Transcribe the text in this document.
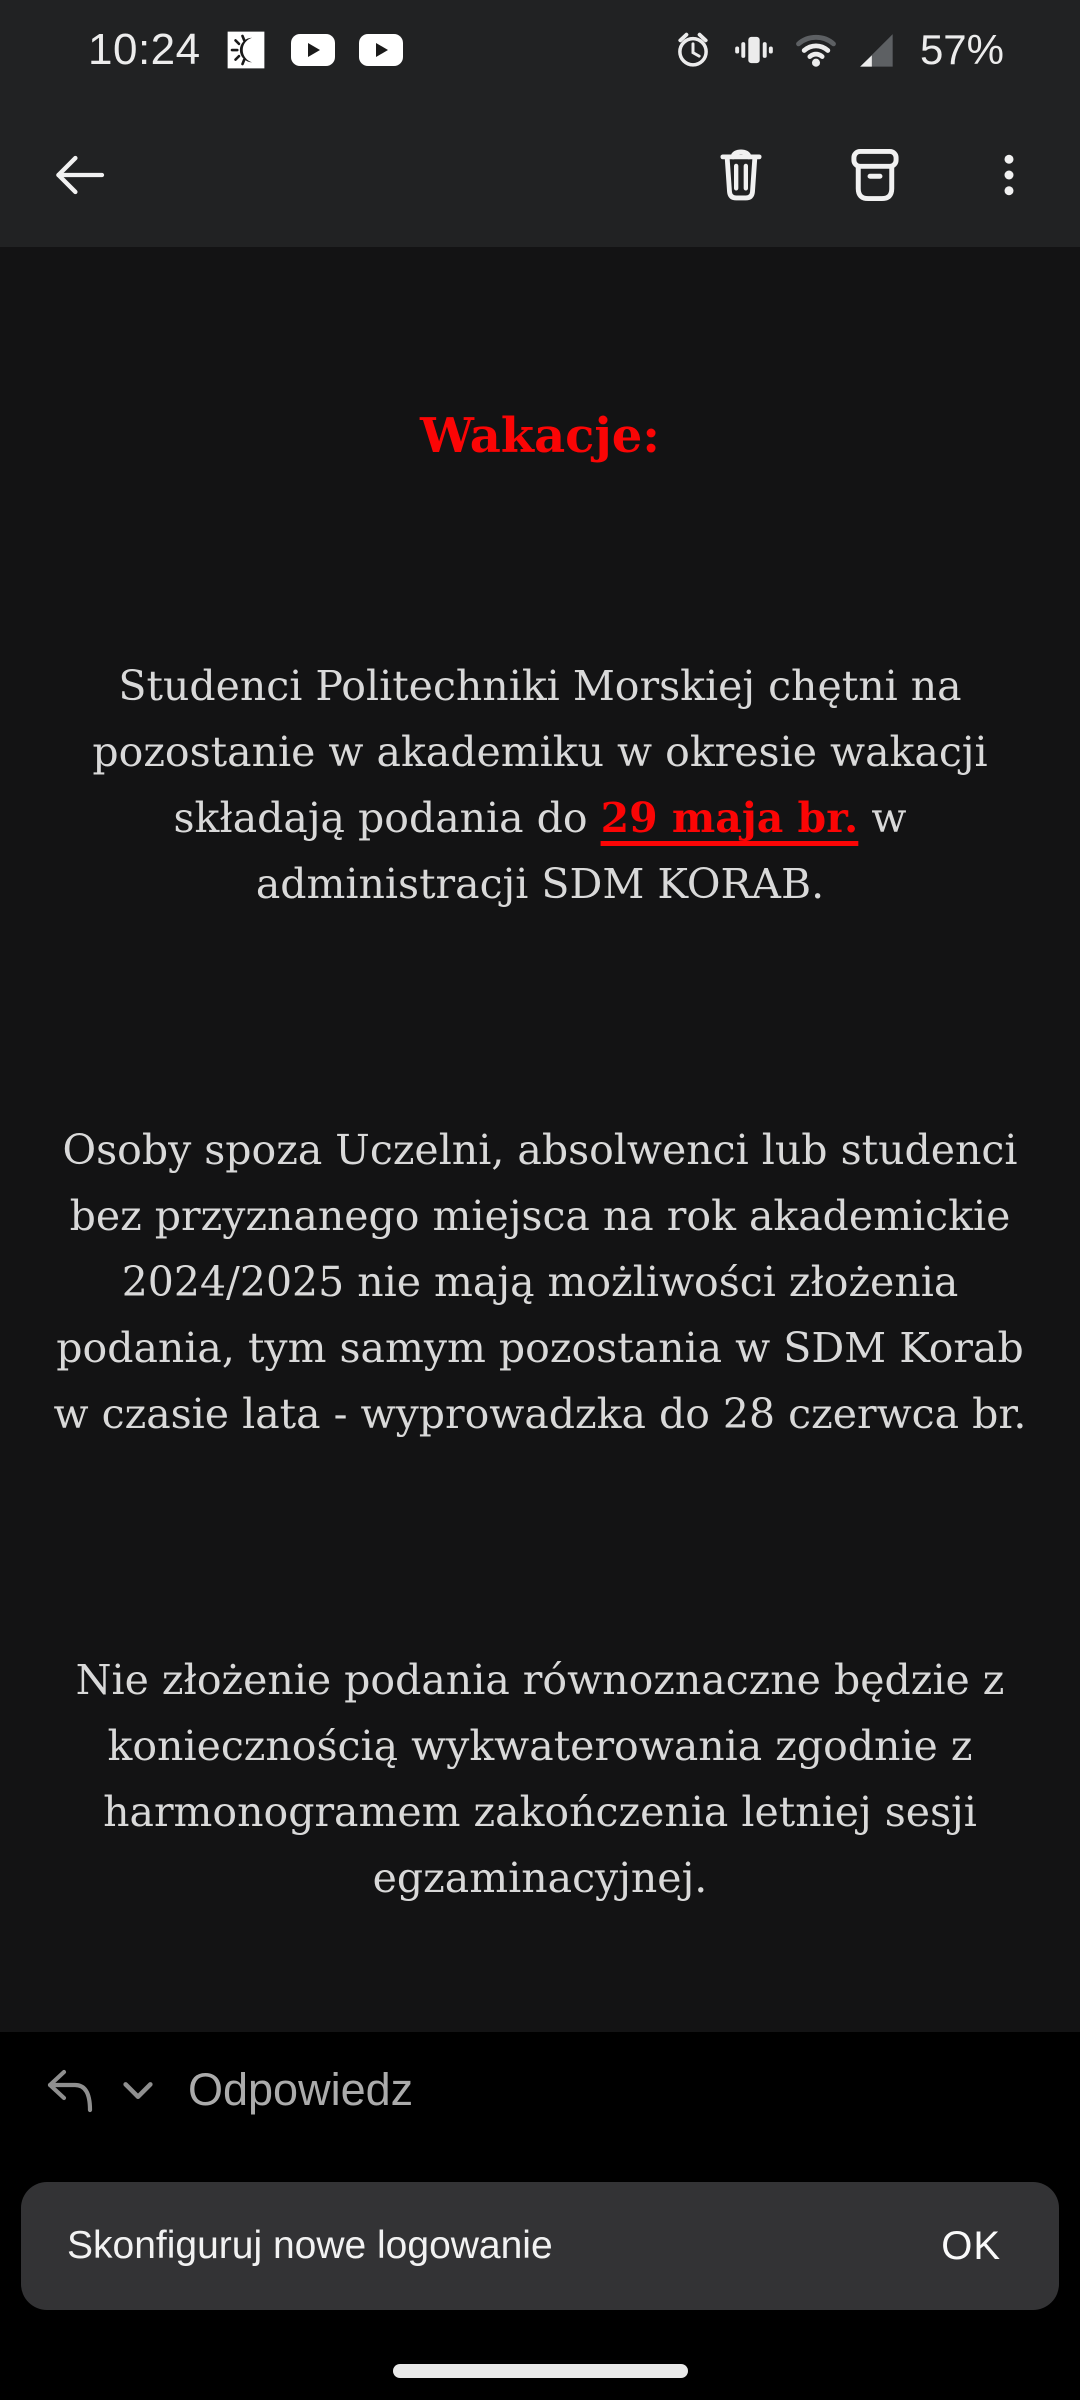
10:24	57%
Wakacje:

Studenci Politechniki Morskiej chętni na pozostanie w akademiku w okresie wakacji składają podania do 29 maja br. w administracji SDM KORAB.

Osoby spoza Uczelni, absolwenci lub studenci bez przyznanego miejsca na rok akademickie 2024/2025 nie mają możliwości złożenia podania, tym samym pozostania w SDM Korab w czasie lata - wyprowadzka do 28 czerwca br.

Nie złożenie podania równoznaczne będzie z koniecznością wykwaterowania zgodnie z harmonogramem zakończenia letniej sesji egzaminacyjnej.

Odpowiedz
Skonfiguruj nowe logowanie	OK
